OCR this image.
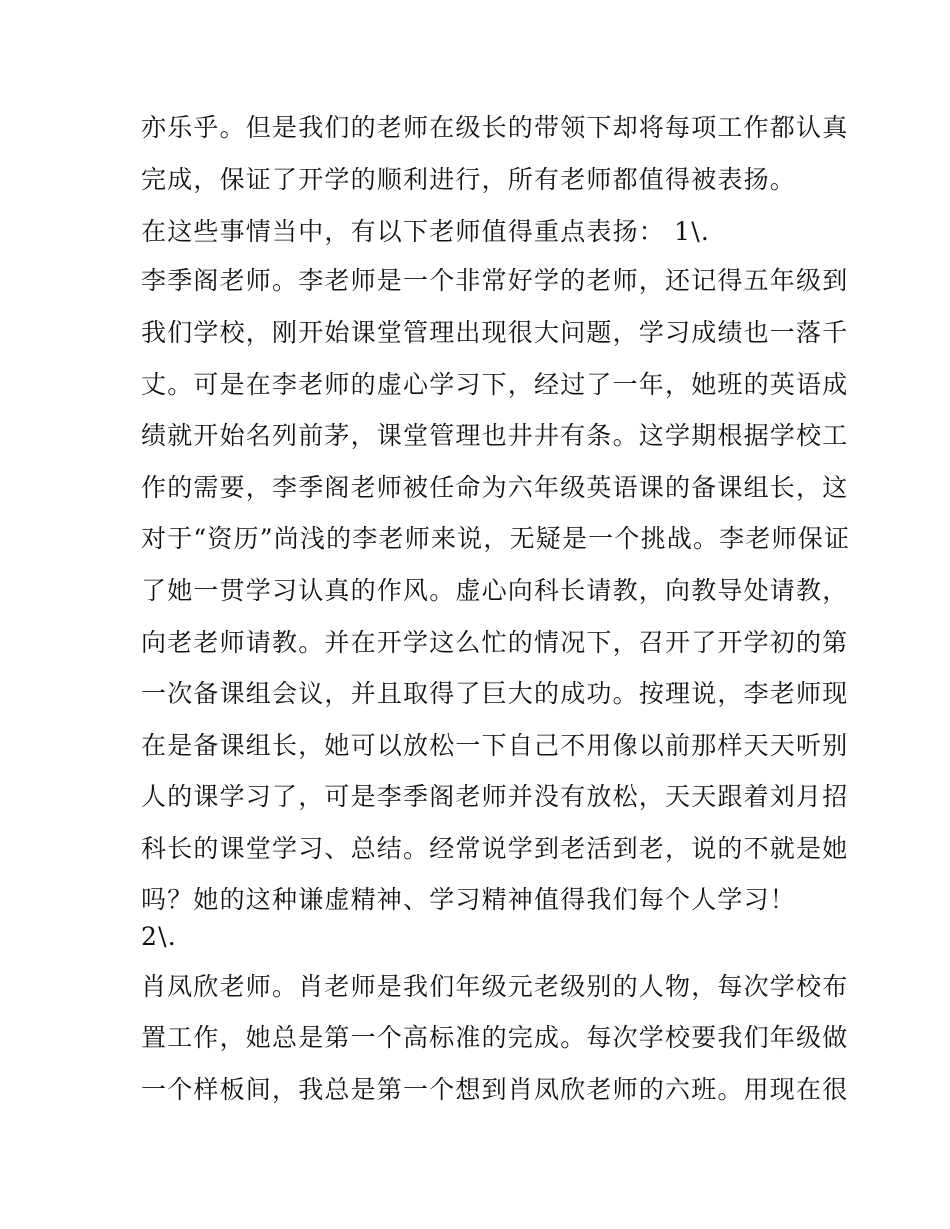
亦乐乎。但是我们的老师在级长的带领下却将每项工作都认真

完成，保证了开学的顺利进行，所有老师都值得被表扬。

在这些事情当中，有以下老师值得重点表扬： 1\.

李季阁老师。李老师是一个非常好学的老师，还记得五年级到

我们学校，刚开始课堂管理出现很大问题，学习成绩也一落千

丈。可是在李老师的虚心学习下，经过了一年，她班的英语成

绩就开始名列前茅，课堂管理也井井有条。这学期根据学校工

作的需要，李季阁老师被任命为六年级英语课的备课组长，这

对于“资历”尚浅的李老师来说，无疑是一个挑战。李老师保证

了她一贯学习认真的作风。虚心向科长请教，向教导处请教，

向老老师请教。并在开学这么忙的情况下，召开了开学初的第

一次备课组会议，并且取得了巨大的成功。按理说，李老师现

在是备课组长，她可以放松一下自己不用像以前那样天天听别

人的课学习了，可是李季阁老师并没有放松，天天跟着刘月招

科长的课堂学习、总结。经常说学到老活到老，说的不就是她

吗？她的这种谦虚精神、学习精神值得我们每个人学习！

2\.

肖凤欣老师。肖老师是我们年级元老级别的人物，每次学校布

置工作，她总是第一个高标准的完成。每次学校要我们年级做

一个样板间，我总是第一个想到肖凤欣老师的六班。用现在很
